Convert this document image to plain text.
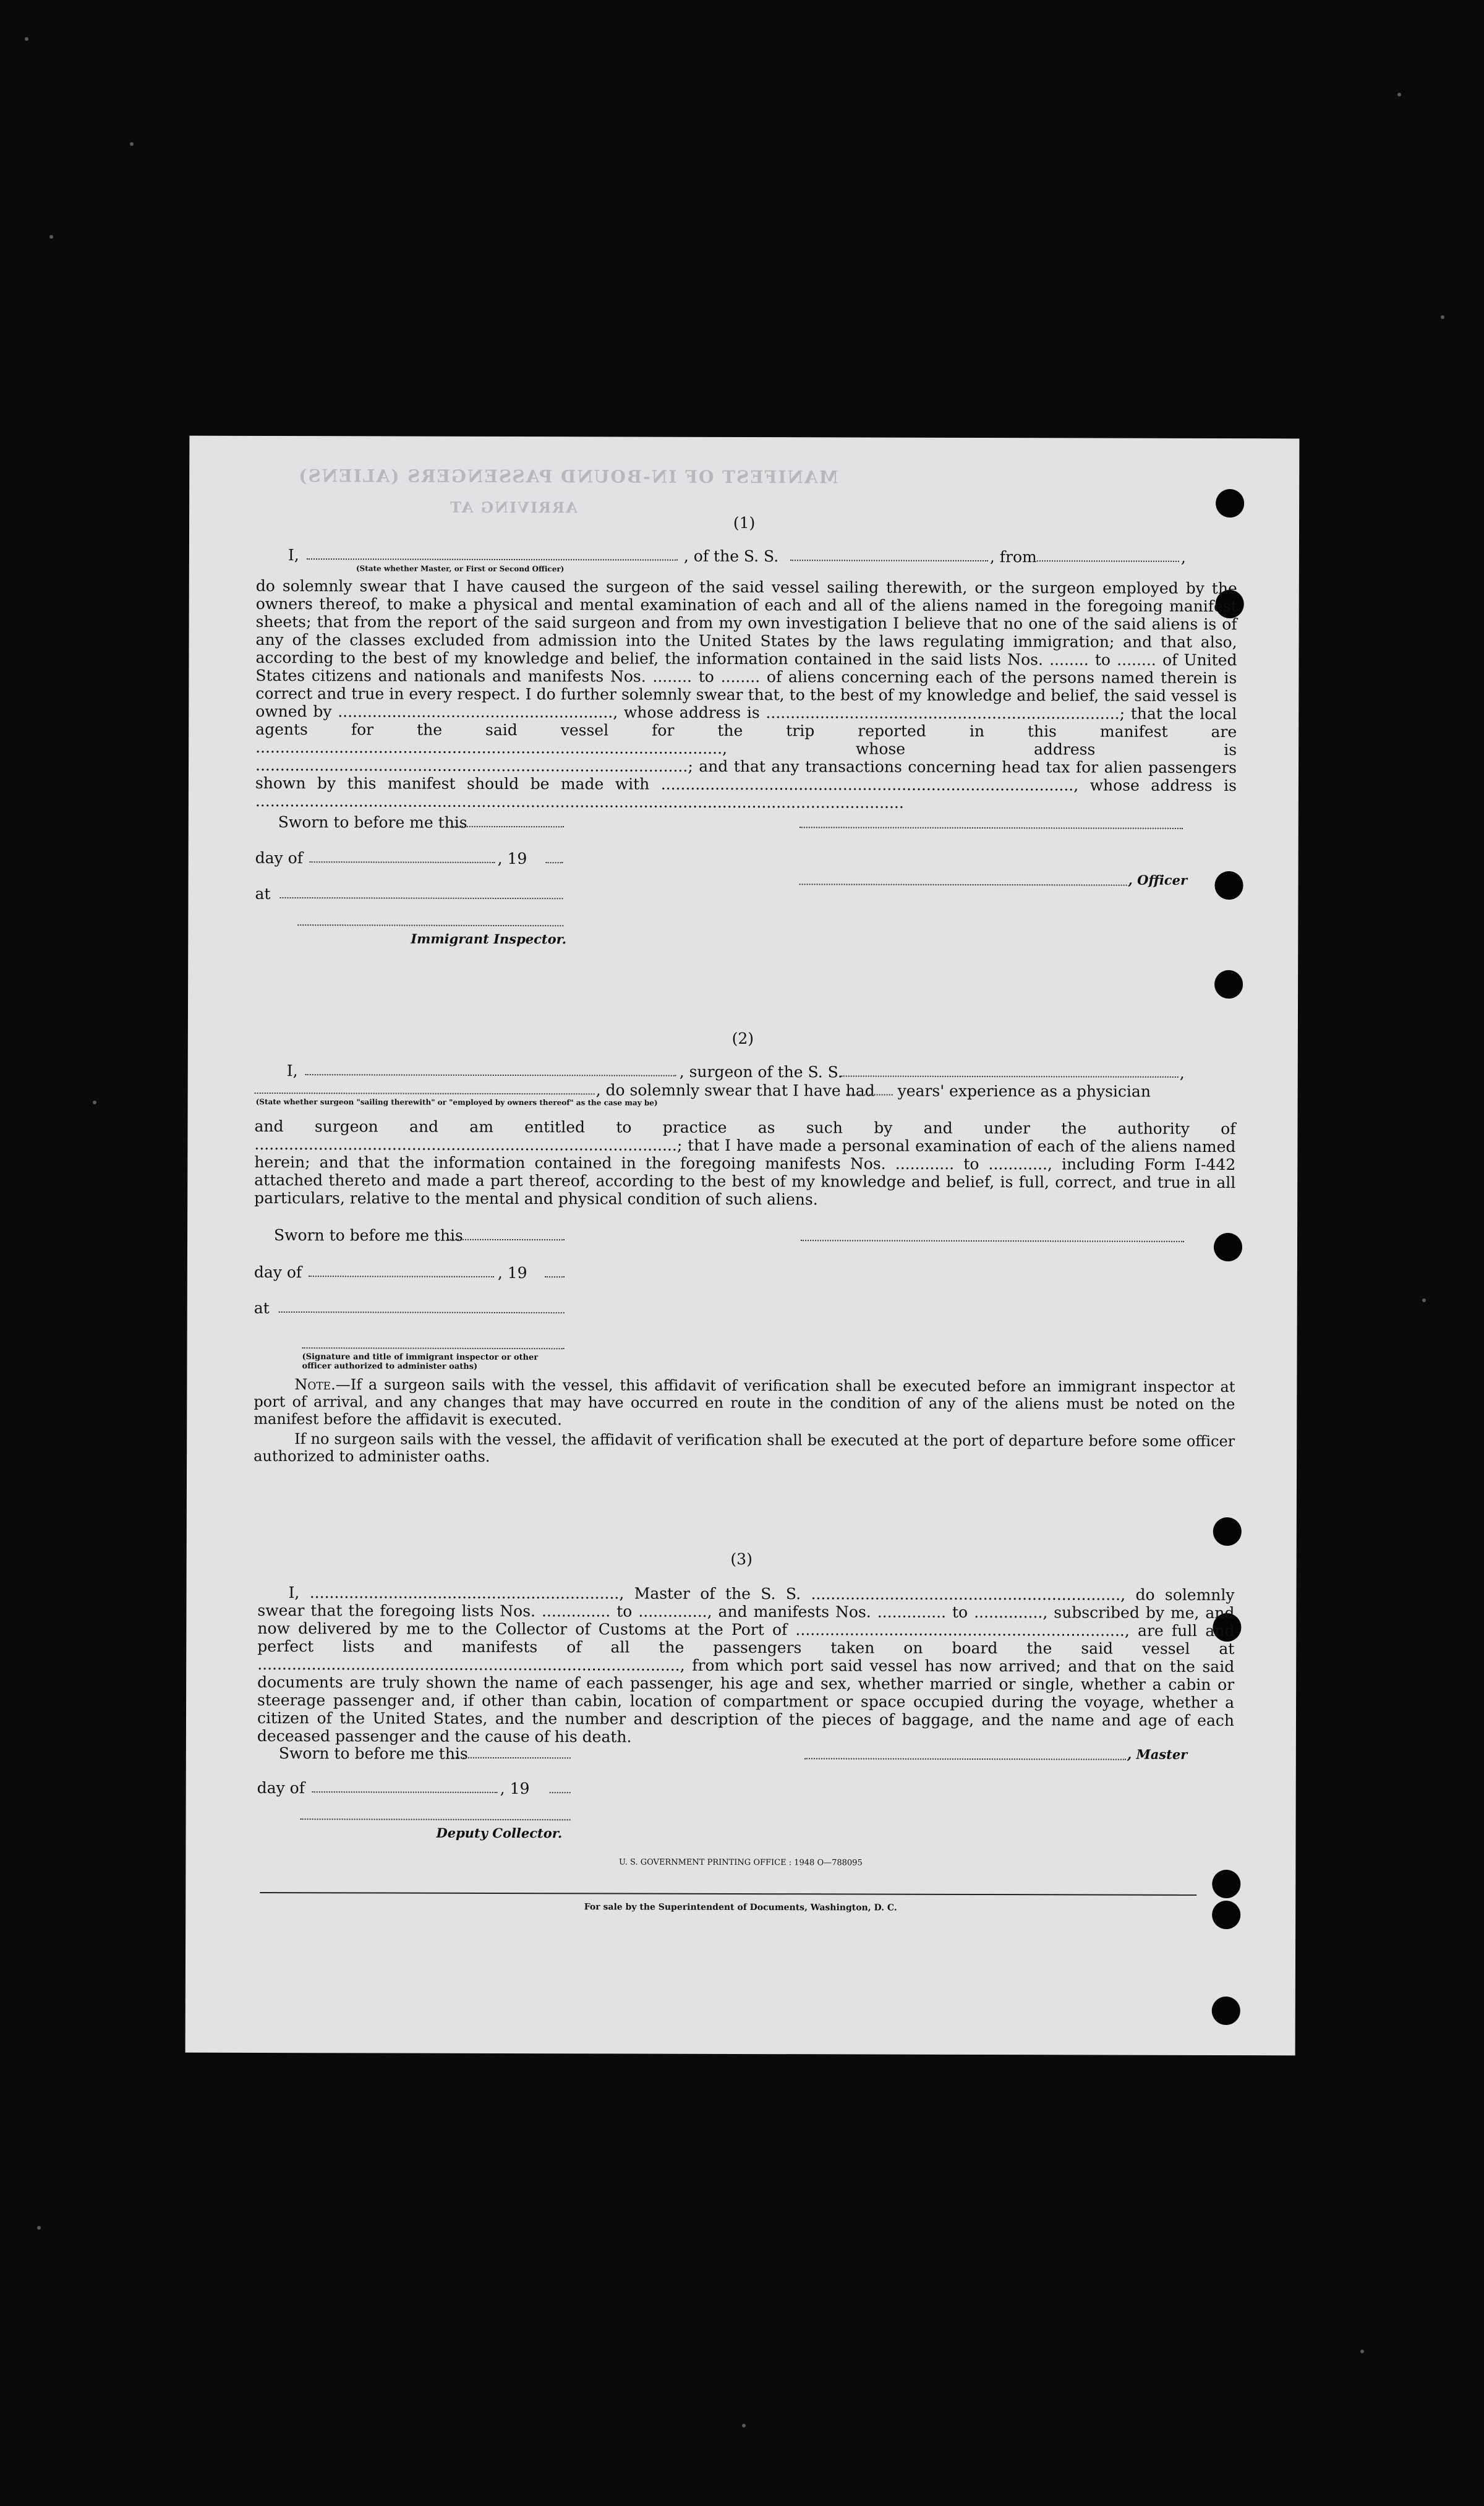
MANIFEST OF IN-BOUND PASSENGERS (ALIENS)
ARRIVING AT
(1)
I,	, of the S. S.	, from	,
(State whether Master, or First or Second Officer)
do solemnly swear that I have caused the surgeon of the said vessel sailing therewith, or the surgeon employed by the owners thereof, to make a physical and mental examination of each and all of the aliens named in the foregoing manifest sheets; that from the report of the said surgeon and from my own investigation I believe that no one of the said aliens is of any of the classes excluded from admission into the United States by the laws regulating immigration; and that also, according to the best of my knowledge and belief, the information contained in the said lists Nos. ........ to ........ of United States citizens and nationals and manifests Nos. ........ to ........ of aliens concerning each of the persons named therein is correct and true in every respect. I do further solemnly swear that, to the best of my knowledge and belief, the said vessel is owned by ........................................................, whose address is ........................................................................; that the local agents for the said vessel for the trip reported in this manifest are ..............................................................................................., whose address is ........................................................................................; and that any transactions concerning head tax for alien passengers shown by this manifest should be made with ...................................................................................., whose address is ....................................................................................................................................
Sworn to before me this
day of	, 19
, Officer
at
Immigrant Inspector.
(2)
I,	, surgeon of the S. S.	,
, do solemnly swear that I have had years' experience as a physician
(State whether surgeon "sailing therewith" or "employed by owners thereof" as the case may be)
and surgeon and am entitled to practice as such by and under the authority of ......................................................................................; that I have made a personal examination of each of the aliens named herein; and that the information contained in the foregoing manifests Nos. ............ to ............, including Form I-442 attached thereto and made a part thereof, according to the best of my knowledge and belief, is full, correct, and true in all particulars, relative to the mental and physical condition of such aliens.
Sworn to before me this
day of	, 19
at
(Signature and title of immigrant inspector or other officer authorized to administer oaths)
Note.—If a surgeon sails with the vessel, this affidavit of verification shall be executed before an immigrant inspector at port of arrival, and any changes that may have occurred en route in the condition of any of the aliens must be noted on the manifest before the affidavit is executed.
If no surgeon sails with the vessel, the affidavit of verification shall be executed at the port of departure before some officer authorized to administer oaths.
(3)
I, ..............................................................., Master of the S. S. ..............................................................., do solemnly swear that the foregoing lists Nos. .............. to .............., and manifests Nos. .............. to .............., subscribed by me, and now delivered by me to the Collector of Customs at the Port of ..................................................................., are full and perfect lists and manifests of all the passengers taken on board the said vessel at ......................................................................................, from which port said vessel has now arrived; and that on the said documents are truly shown the name of each passenger, his age and sex, whether married or single, whether a cabin or steerage passenger and, if other than cabin, location of compartment or space occupied during the voyage, whether a citizen of the United States, and the number and description of the pieces of baggage, and the name and age of each deceased passenger and the cause of his death.
Sworn to before me this	, Master
day of	, 19
Deputy Collector.
U. S. GOVERNMENT PRINTING OFFICE : 1948 O—788095
For sale by the Superintendent of Documents, Washington, D. C.
